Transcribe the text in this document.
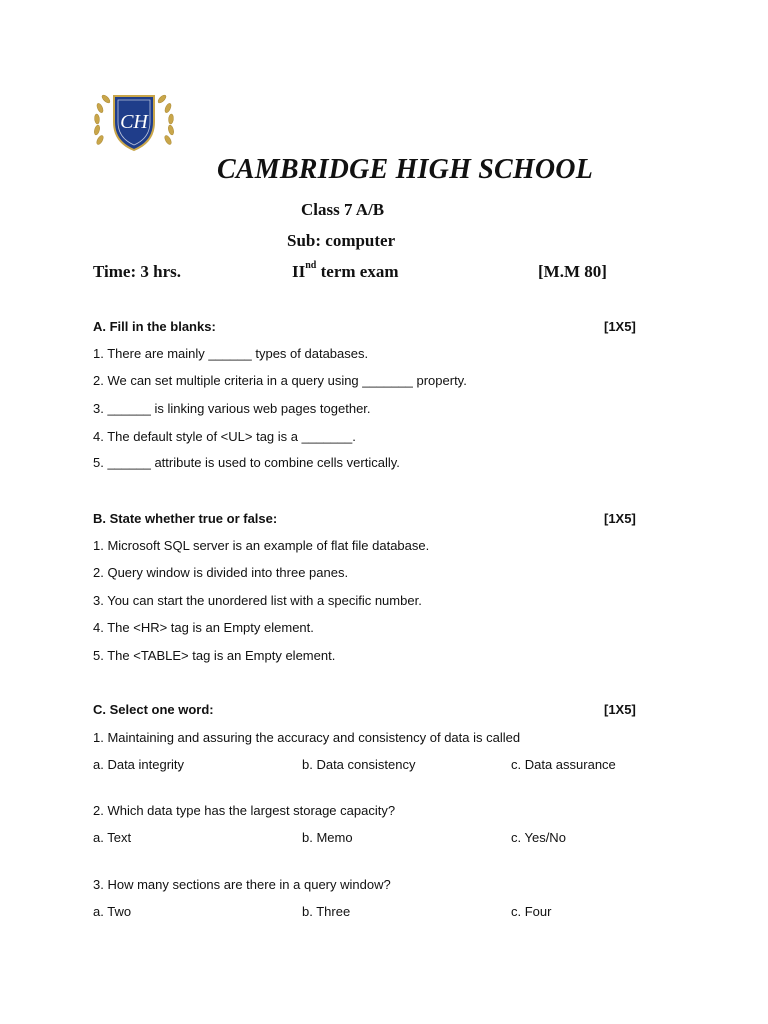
CH
CAMBRIDGE HIGH SCHOOL
Class 7 A/B
Sub: computer
Time: 3 hrs.	IInd term exam	[M.M 80]
A. Fill in the blanks:	[1X5]
1. There are mainly ______ types of databases.
2. We can set multiple criteria in a query using _______ property.
3. ______ is linking various web pages together.
4. The default style of <UL> tag is a _______.
5. ______ attribute is used to combine cells vertically.
B. State whether true or false:	[1X5]
1. Microsoft SQL server is an example of flat file database.
2. Query window is divided into three panes.
3. You can start the unordered list with a specific number.
4. The <HR> tag is an Empty element.
5. The <TABLE> tag is an Empty element.
C. Select one word:	[1X5]
1. Maintaining and assuring the accuracy and consistency of data is called
a. Data integrity	b. Data consistency	c. Data assurance
2. Which data type has the largest storage capacity?
a. Text	b. Memo	c. Yes/No
3. How many sections are there in a query window?
a. Two	b. Three	c. Four
